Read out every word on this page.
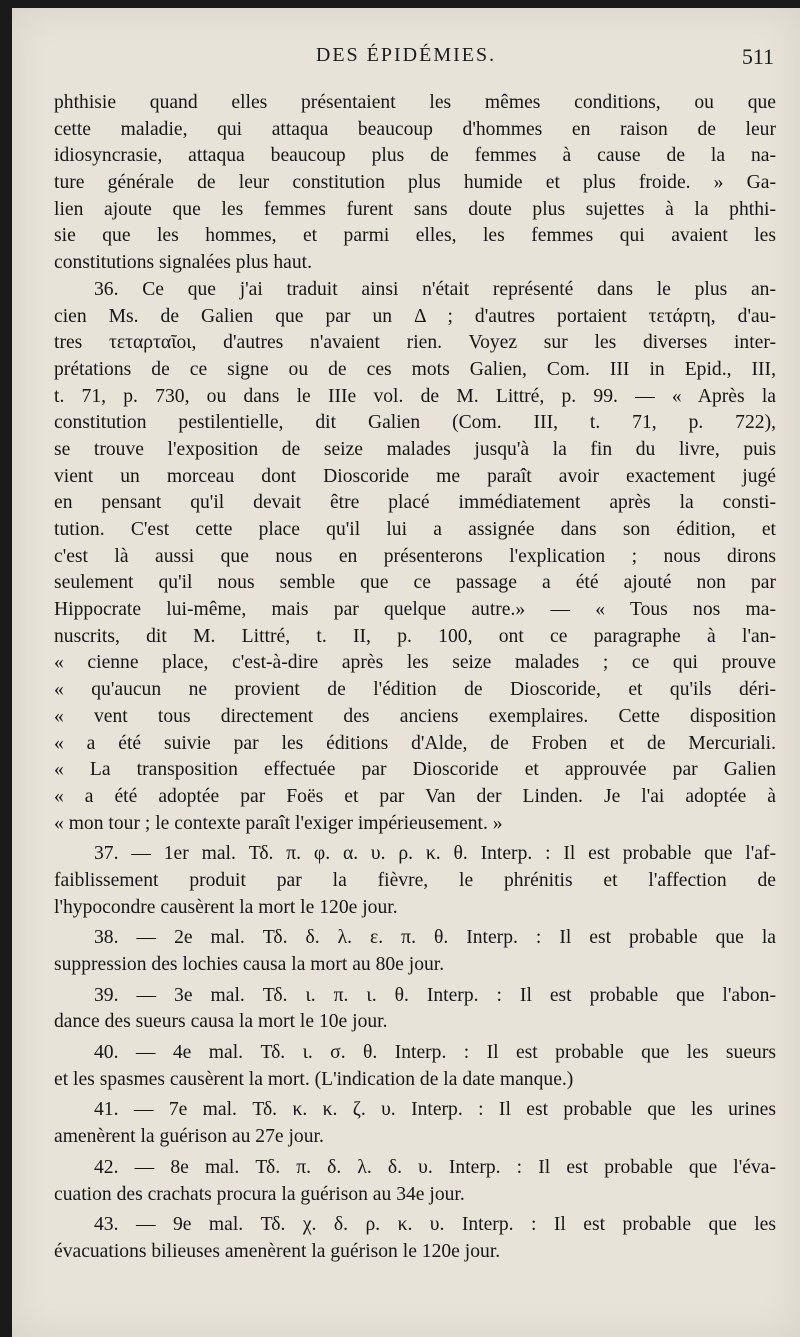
DES ÉPIDÉMIES.	511
phthisie quand elles présentaient les mêmes conditions, ou que
cette maladie, qui attaqua beaucoup d'hommes en raison de leur
idiosyncrasie, attaqua beaucoup plus de femmes à cause de la na-
ture générale de leur constitution plus humide et plus froide. » Ga-
lien ajoute que les femmes furent sans doute plus sujettes à la phthi-
sie que les hommes, et parmi elles, les femmes qui avaient les
constitutions signalées plus haut.
36. Ce que j'ai traduit ainsi n'était représenté dans le plus an-
cien Ms. de Galien que par un Δ ; d'autres portaient τετάρτη, d'au-
tres τεταρταῖοι, d'autres n'avaient rien. Voyez sur les diverses inter-
prétations de ce signe ou de ces mots Galien, Com. III in Epid., III,
t. 71, p. 730, ou dans le IIIe vol. de M. Littré, p. 99. — « Après la
constitution pestilentielle, dit Galien (Com. III, t. 71, p. 722),
se trouve l'exposition de seize malades jusqu'à la fin du livre, puis
vient un morceau dont Dioscoride me paraît avoir exactement jugé
en pensant qu'il devait être placé immédiatement après la consti-
tution. C'est cette place qu'il lui a assignée dans son édition, et
c'est là aussi que nous en présenterons l'explication ; nous dirons
seulement qu'il nous semble que ce passage a été ajouté non par
Hippocrate lui-même, mais par quelque autre.» — « Tous nos ma-
nuscrits, dit M. Littré, t. II, p. 100, ont ce paragraphe à l'an-
« cienne place, c'est-à-dire après les seize malades ; ce qui prouve
« qu'aucun ne provient de l'édition de Dioscoride, et qu'ils déri-
« vent tous directement des anciens exemplaires. Cette disposition
« a été suivie par les éditions d'Alde, de Froben et de Mercuriali.
« La transposition effectuée par Dioscoride et approuvée par Galien
« a été adoptée par Foës et par Van der Linden. Je l'ai adoptée à
« mon tour ; le contexte paraît l'exiger impérieusement. »
37. — 1er mal. Τδ. π. φ. α. υ. ρ. κ. θ. Interp. : Il est probable que l'af-
faiblissement produit par la fièvre, le phrénitis et l'affection de
l'hypocondre causèrent la mort le 120e jour.
38. — 2e mal. Τδ. δ. λ. ε. π. θ. Interp. : Il est probable que la
suppression des lochies causa la mort au 80e jour.
39. — 3e mal. Τδ. ι. π. ι. θ. Interp. : Il est probable que l'abon-
dance des sueurs causa la mort le 10e jour.
40. — 4e mal. Τδ. ι. σ. θ. Interp. : Il est probable que les sueurs
et les spasmes causèrent la mort. (L'indication de la date manque.)
41. — 7e mal. Τδ. κ. κ. ζ. υ. Interp. : Il est probable que les urines
amenèrent la guérison au 27e jour.
42. — 8e mal. Τδ. π. δ. λ. δ. υ. Interp. : Il est probable que l'éva-
cuation des crachats procura la guérison au 34e jour.
43. — 9e mal. Τδ. χ. δ. ρ. κ. υ. Interp. : Il est probable que les
évacuations bilieuses amenèrent la guérison le 120e jour.
